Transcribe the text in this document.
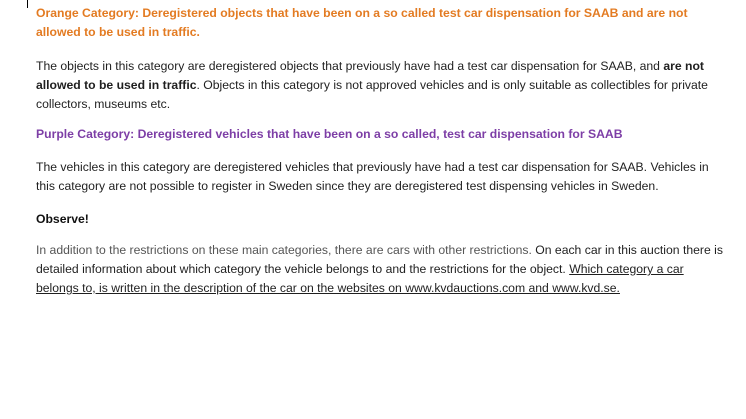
Orange Category: Deregistered objects that have been on a so called test car dispensation for SAAB and are not allowed to be used in traffic.

The objects in this category are deregistered objects that previously have had a test car dispensation for SAAB, and are not allowed to be used in traffic. Objects in this category is not approved vehicles and is only suitable as collectibles for private collectors, museums etc.

Purple Category: Deregistered vehicles that have been on a so called, test car dispensation for SAAB

The vehicles in this category are deregistered vehicles that previously have had a test car dispensation for SAAB. Vehicles in this category are not possible to register in Sweden since they are deregistered test dispensing vehicles in Sweden.

Observe!

In addition to the restrictions on these main categories, there are cars with other restrictions. On each car in this auction there is detailed information about which category the vehicle belongs to and the restrictions for the object. Which category a car belongs to, is written in the description of the car on the websites on www.kvdauctions.com and www.kvd.se.
